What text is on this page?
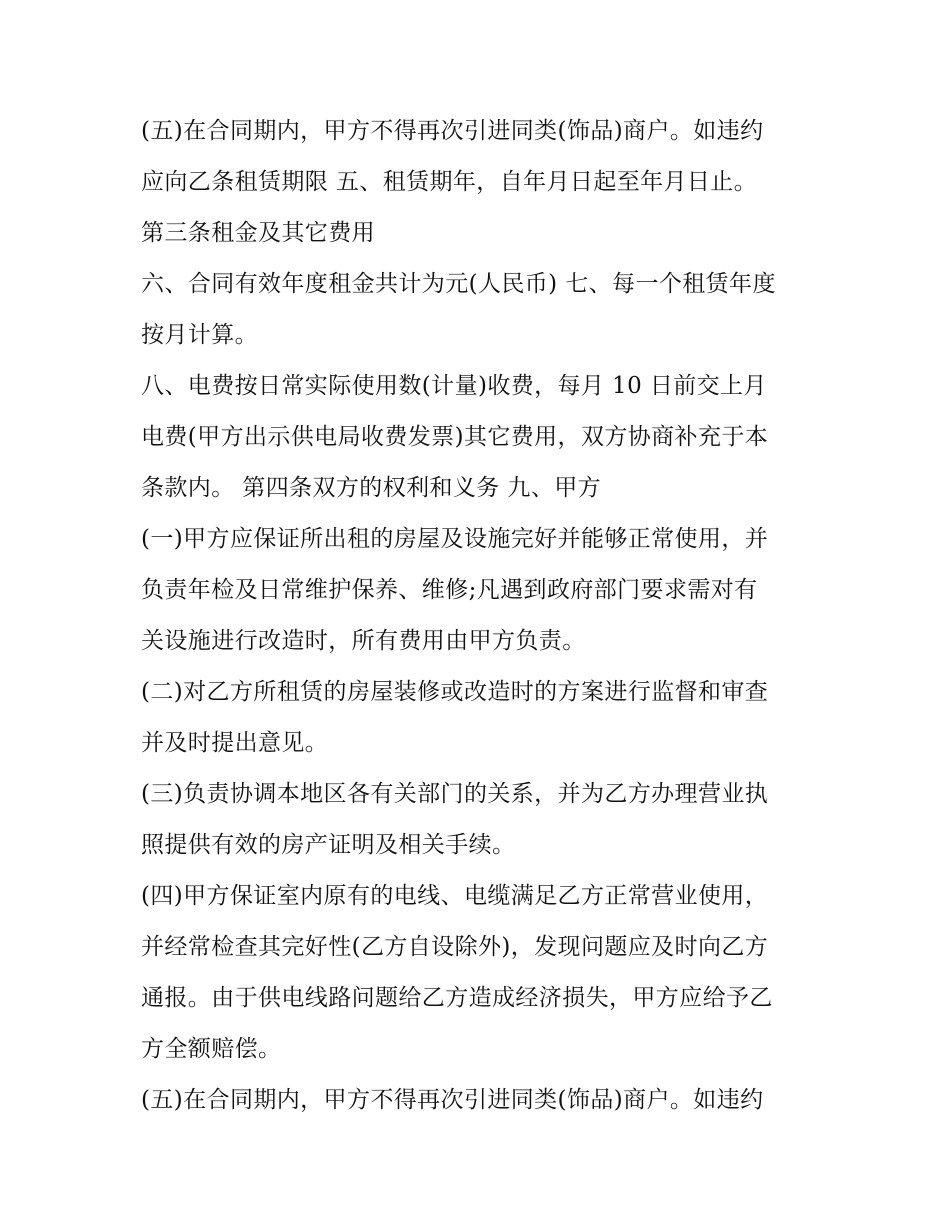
(五)在合同期内，甲方不得再次引进同类(饰品)商户。如违约
应向乙条租赁期限 五、租赁期年，自年月日起至年月日止。
第三条租金及其它费用
六、合同有效年度租金共计为元(人民币) 七、每一个租赁年度
按月计算。
八、电费按日常实际使用数(计量)收费，每月 10 日前交上月
电费(甲方出示供电局收费发票)其它费用，双方协商补充于本
条款内。 第四条双方的权利和义务 九、甲方
(一)甲方应保证所出租的房屋及设施完好并能够正常使用，并
负责年检及日常维护保养、维修;凡遇到政府部门要求需对有
关设施进行改造时，所有费用由甲方负责。
(二)对乙方所租赁的房屋装修或改造时的方案进行监督和审查
并及时提出意见。
(三)负责协调本地区各有关部门的关系，并为乙方办理营业执
照提供有效的房产证明及相关手续。
(四)甲方保证室内原有的电线、电缆满足乙方正常营业使用，
并经常检查其完好性(乙方自设除外)，发现问题应及时向乙方
通报。由于供电线路问题给乙方造成经济损失，甲方应给予乙
方全额赔偿。
(五)在合同期内，甲方不得再次引进同类(饰品)商户。如违约
